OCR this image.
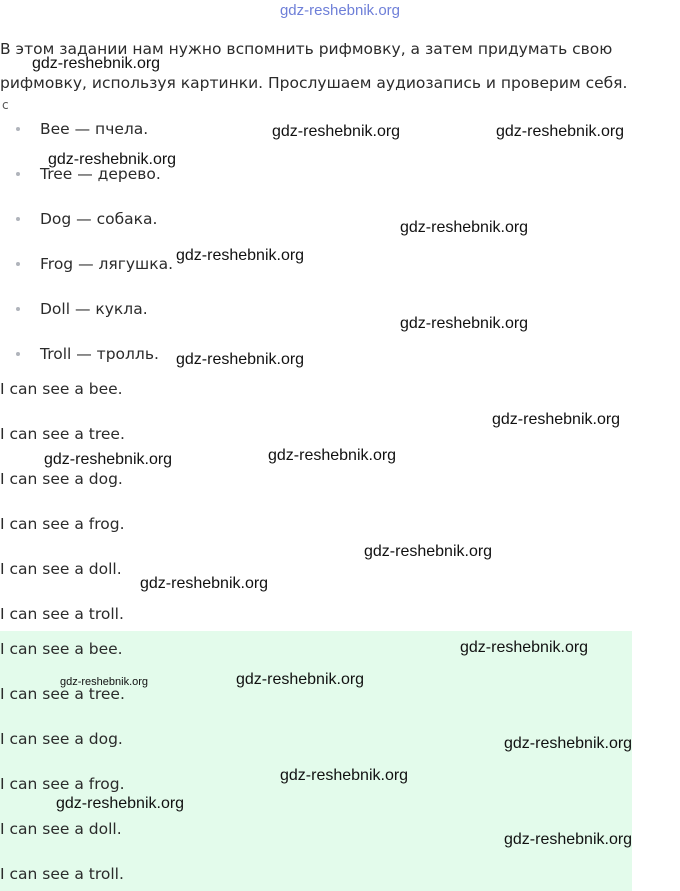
gdz-reshebnik.org
В этом задании нам нужно вспомнить рифмовку, а затем придумать свою рифмовку, используя картинки. Прослушаем аудиозапись и проверим себя.
с
Bee — пчела.
Tree — дерево.
Dog — собака.
Frog — лягушка.
Doll — кукла.
Troll — тролль.
I can see a bee.
I can see a tree.
I can see a dog.
I can see a frog.
I can see a doll.
I can see a troll.
I can see a bee.
I can see a tree.
I can see a dog.
I can see a frog.
I can see a doll.
I can see a troll.
gdz-reshebnik.org
gdz-reshebnik.org	gdz-reshebnik.org
gdz-reshebnik.org
gdz-reshebnik.org
gdz-reshebnik.org
gdz-reshebnik.org
gdz-reshebnik.org
gdz-reshebnik.org
gdz-reshebnik.org
gdz-reshebnik.org
gdz-reshebnik.org
gdz-reshebnik.org
gdz-reshebnik.org
gdz-reshebnik.org	gdz-reshebnik.org
gdz-reshebnik.org
gdz-reshebnik.org
gdz-reshebnik.org
gdz-reshebnik.org
